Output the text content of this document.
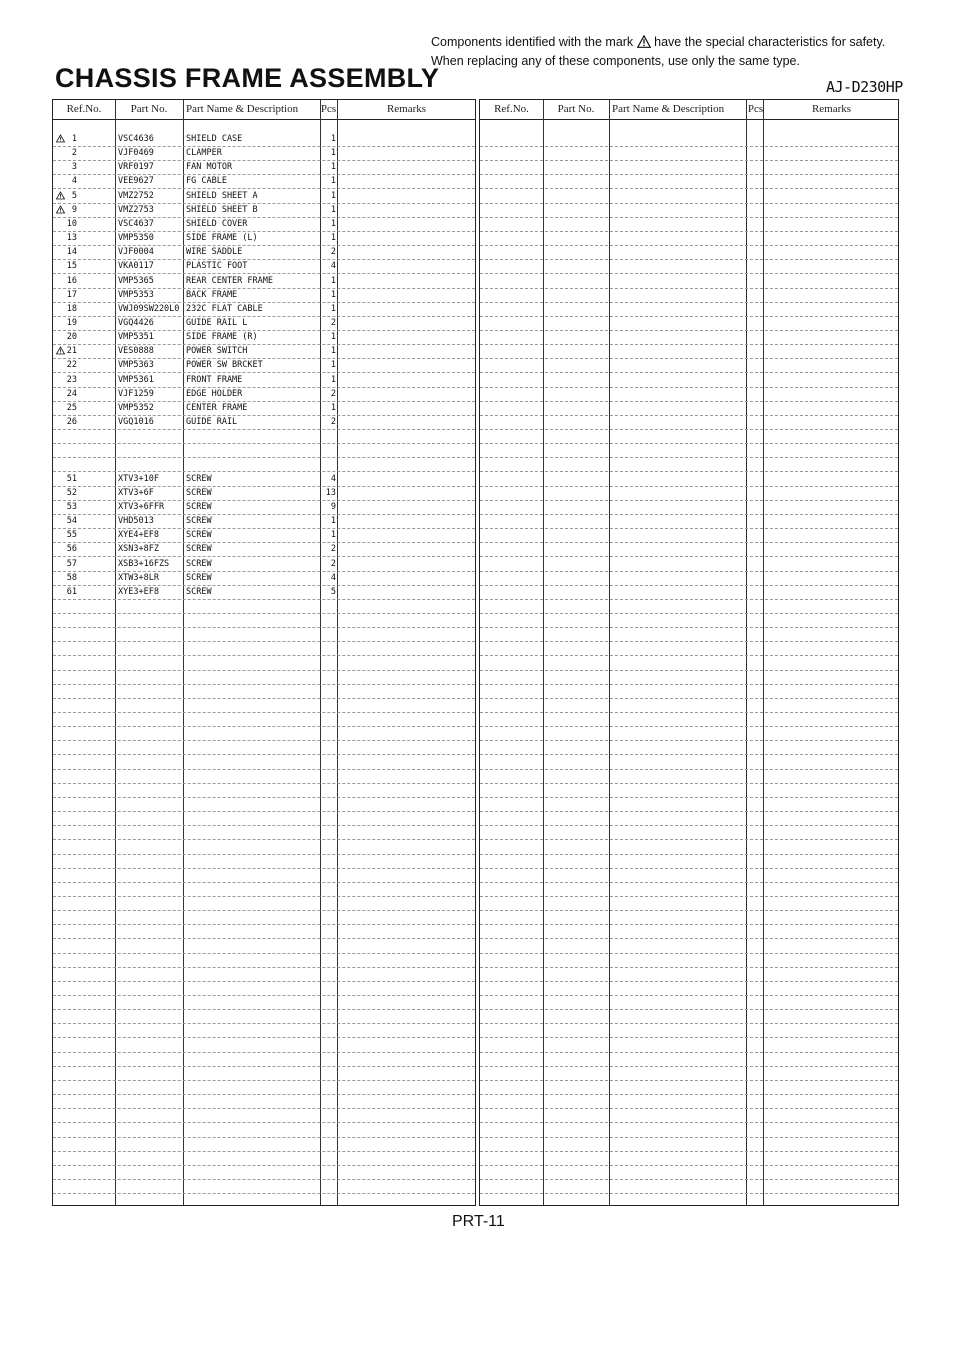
Components identified with the mark have the special characteristics for safety.
When replacing any of these components, use only the same type.
CHASSIS FRAME ASSEMBLY	AJ-D230HP
Ref.No.	Part No.	Part Name & Description	Pcs	Remarks
1	VSC4636	SHIELD CASE	1
2	VJF0469	CLAMPER	1
3	VRF0197	FAN MOTOR	1
4	VEE9627	FG CABLE	1
5	VMZ2752	SHIELD SHEET A	1
9	VMZ2753	SHIELD SHEET B	1
10	VSC4637	SHIELD COVER	1
13	VMP5350	SIDE FRAME (L)	1
14	VJF0004	WIRE SADDLE	2
15	VKA0117	PLASTIC FOOT	4
16	VMP5365	REAR CENTER FRAME	1
17	VMP5353	BACK FRAME	1
18	VWJ09SW220L0 232C FLAT CABLE	1
19	VGQ4426	GUIDE RAIL L	2
20	VMP5351	SIDE FRAME (R)	1
21	VES0888	POWER SWITCH	1
22	VMP5363	POWER SW BRCKET	1
23	VMP5361	FRONT FRAME	1
24	VJF1259	EDGE HOLDER	2
25	VMP5352	CENTER FRAME	1
26	VGQ1016	GUIDE RAIL	2
51	XTV3+10F	SCREW	4
52	XTV3+6F	SCREW	13
53	XTV3+6FFR	SCREW	9
54	VHD5013	SCREW	1
55	XYE4+EF8	SCREW	1
56	XSN3+8FZ	SCREW	2
57	XSB3+16FZS SCREW	2
58	XTW3+8LR	SCREW	4
61	XYE3+EF8	SCREW	5
Ref.No.	Part No.	Part Name & Description	Pcs	Remarks
PRT-11
